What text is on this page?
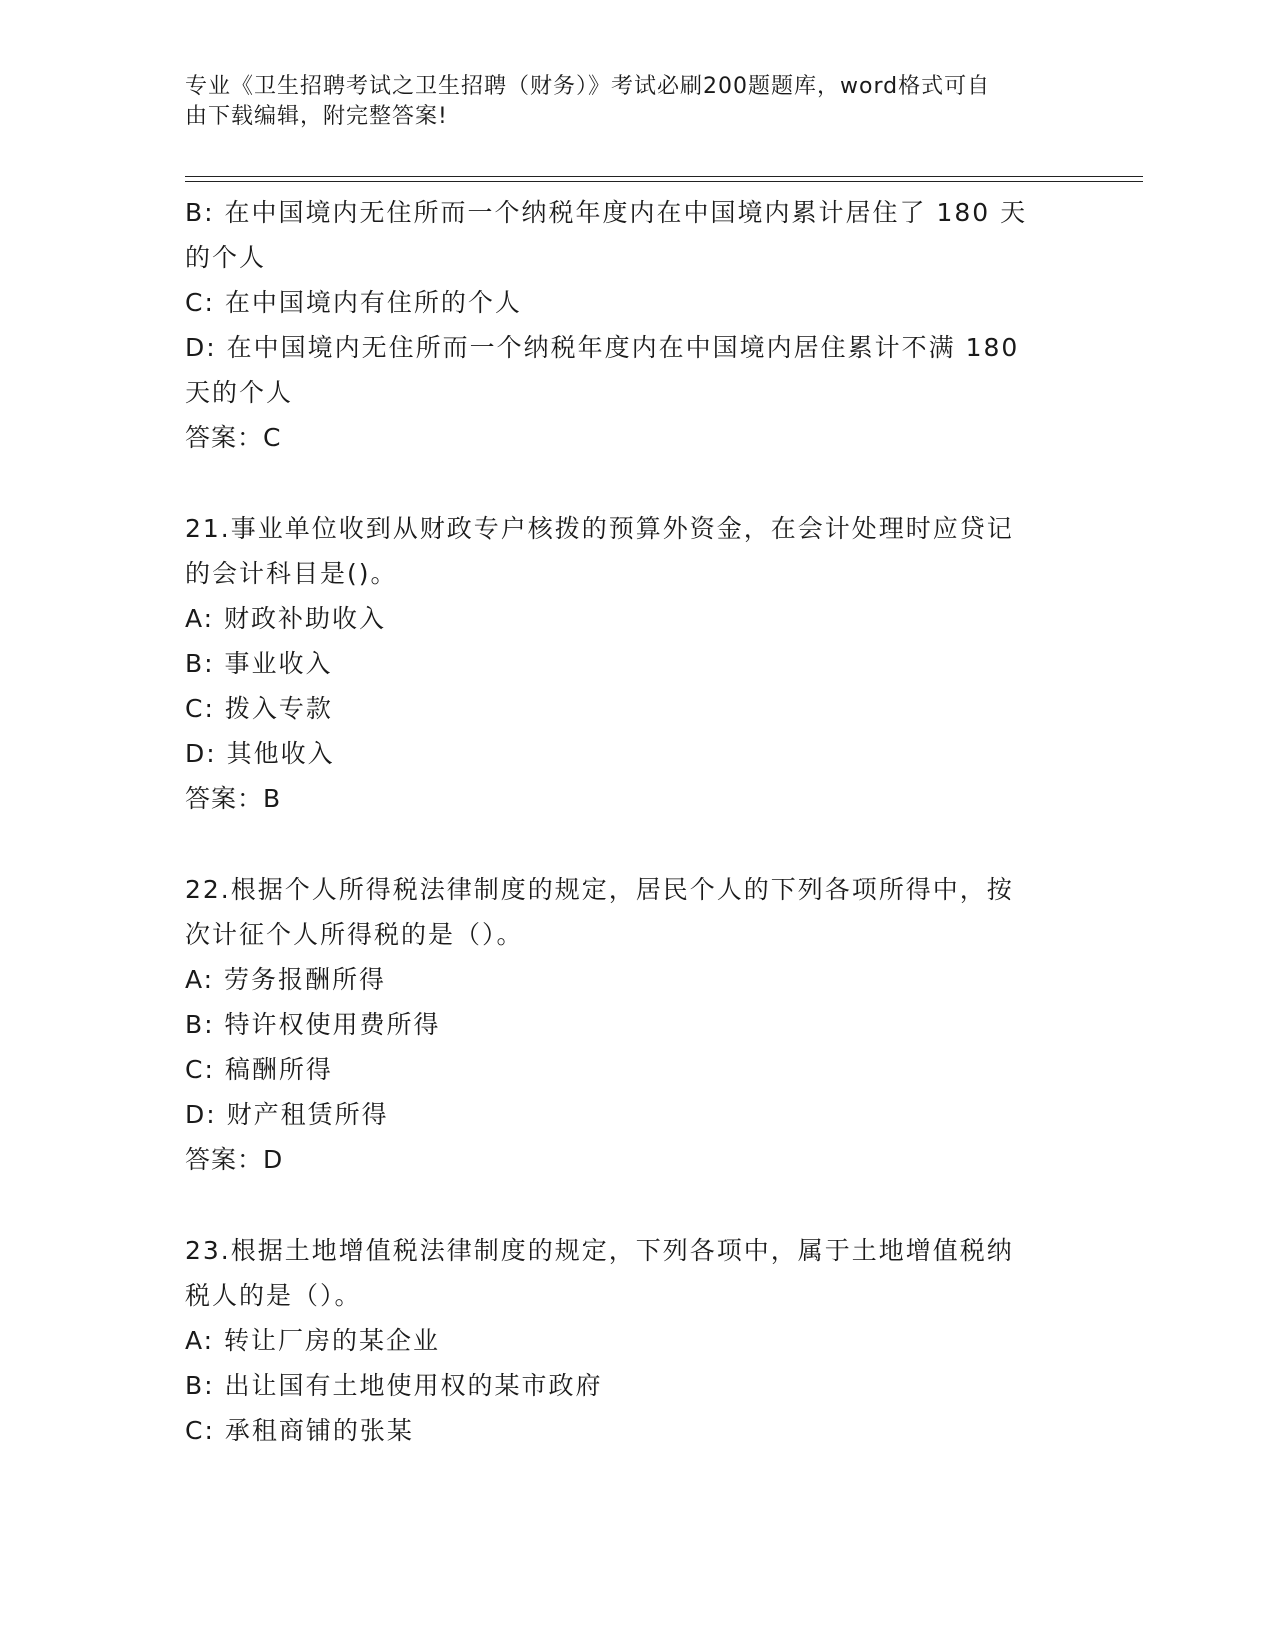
专业《卫生招聘考试之卫生招聘（财务）》考试必刷200题题库，word格式可自
由下载编辑，附完整答案!
B: 在中国境内无住所而一个纳税年度内在中国境内累计居住了 180 天
的个人
C: 在中国境内有住所的个人
D: 在中国境内无住所而一个纳税年度内在中国境内居住累计不满 180
天的个人
答案：C
21.事业单位收到从财政专户核拨的预算外资金，在会计处理时应贷记
的会计科目是()。
A: 财政补助收入
B: 事业收入
C: 拨入专款
D: 其他收入
答案：B
22.根据个人所得税法律制度的规定，居民个人的下列各项所得中，按
次计征个人所得税的是（）。
A: 劳务报酬所得
B: 特许权使用费所得
C: 稿酬所得
D: 财产租赁所得
答案：D
23.根据土地增值税法律制度的规定，下列各项中，属于土地增值税纳
税人的是（）。
A: 转让厂房的某企业
B: 出让国有土地使用权的某市政府
C: 承租商铺的张某
